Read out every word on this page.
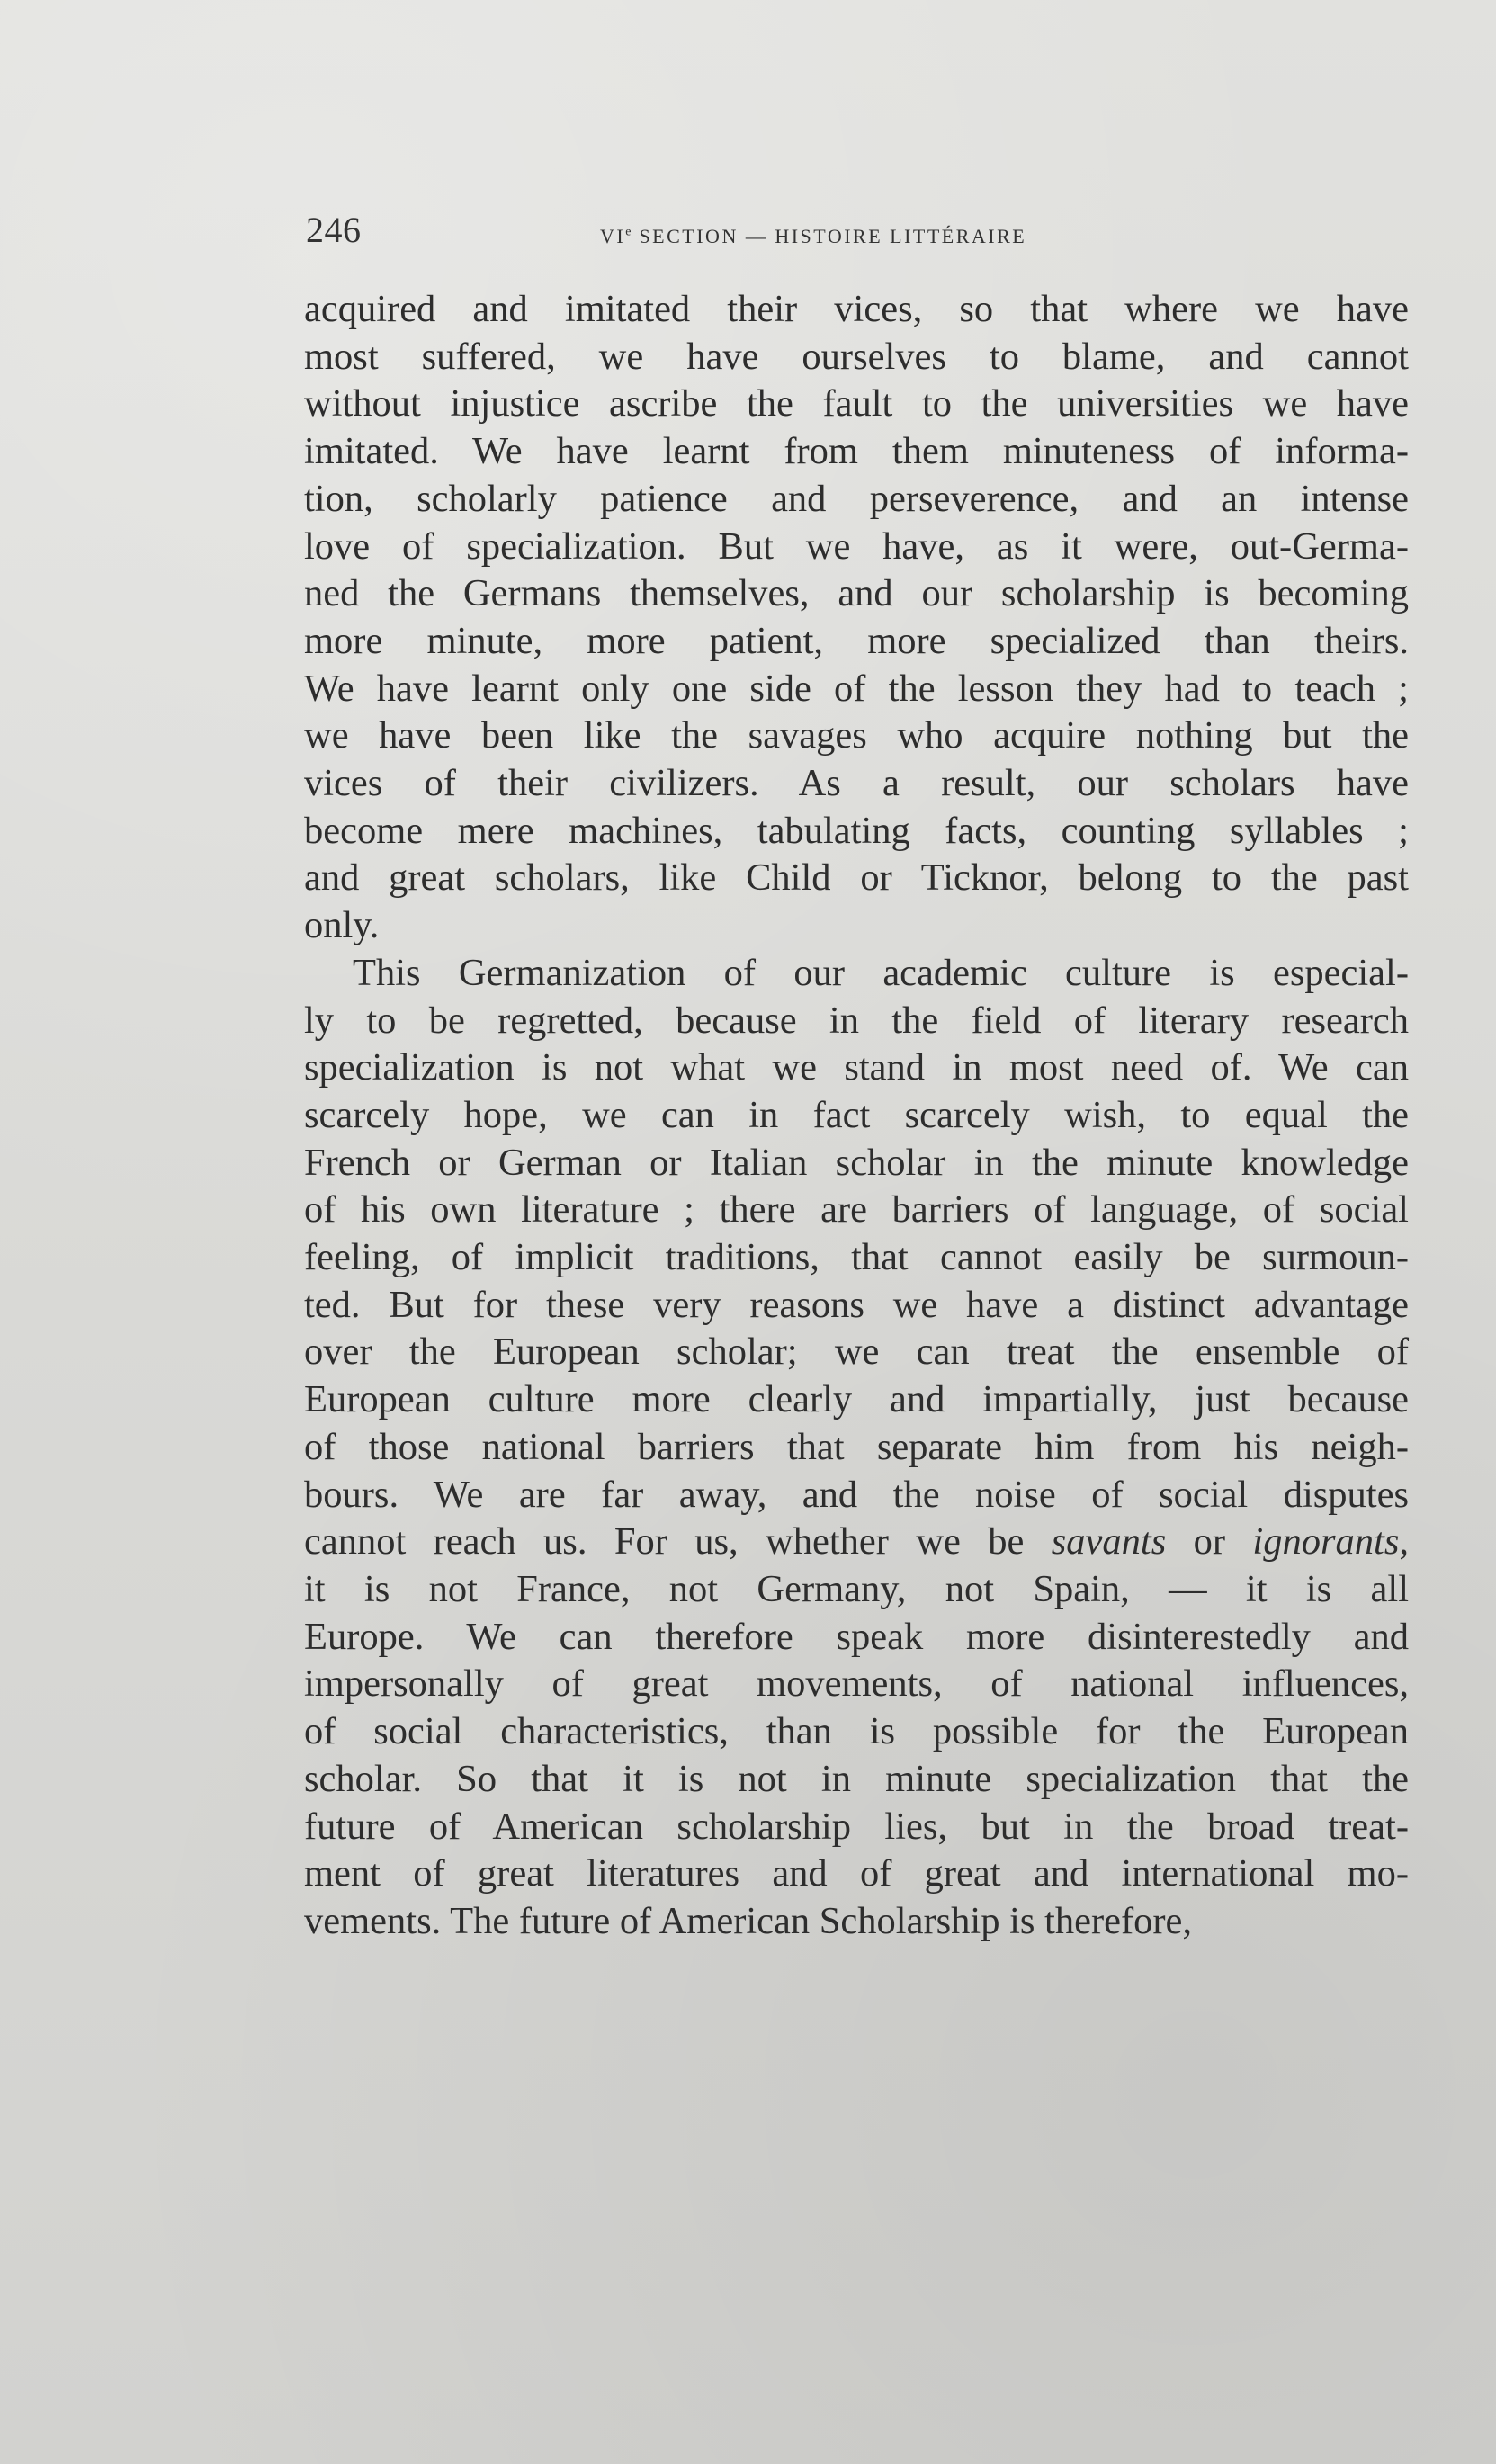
246	VIe SECTION — HISTOIRE LITTÉRAIRE

acquired and imitated their vices, so that where we have
most suffered, we have ourselves to blame, and cannot
without injustice ascribe the fault to the universities we have
imitated. We have learnt from them minuteness of informa-
tion, scholarly patience and perseverence, and an intense
love of specialization. But we have, as it were, out-Germa-
ned the Germans themselves, and our scholarship is becoming
more minute, more patient, more specialized than theirs.
We have learnt only one side of the lesson they had to teach ;
we have been like the savages who acquire nothing but the
vices of their civilizers. As a result, our scholars have
become mere machines, tabulating facts, counting syllables ;
and great scholars, like Child or Ticknor, belong to the past
only.

This Germanization of our academic culture is especial-
ly to be regretted, because in the field of literary research
specialization is not what we stand in most need of. We can
scarcely hope, we can in fact scarcely wish, to equal the
French or German or Italian scholar in the minute knowledge
of his own literature ; there are barriers of language, of social
feeling, of implicit traditions, that cannot easily be surmoun-
ted. But for these very reasons we have a distinct advantage
over the European scholar; we can treat the ensemble of
European culture more clearly and impartially, just because
of those national barriers that separate him from his neigh-
bours. We are far away, and the noise of social disputes
cannot reach us. For us, whether we be savants or ignorants,
it is not France, not Germany, not Spain, — it is all
Europe. We can therefore speak more disinterestedly and
impersonally of great movements, of national influences,
of social characteristics, than is possible for the European
scholar. So that it is not in minute specialization that the
future of American scholarship lies, but in the broad treat-
ment of great literatures and of great and international mo-
vements. The future of American Scholarship is therefore,
